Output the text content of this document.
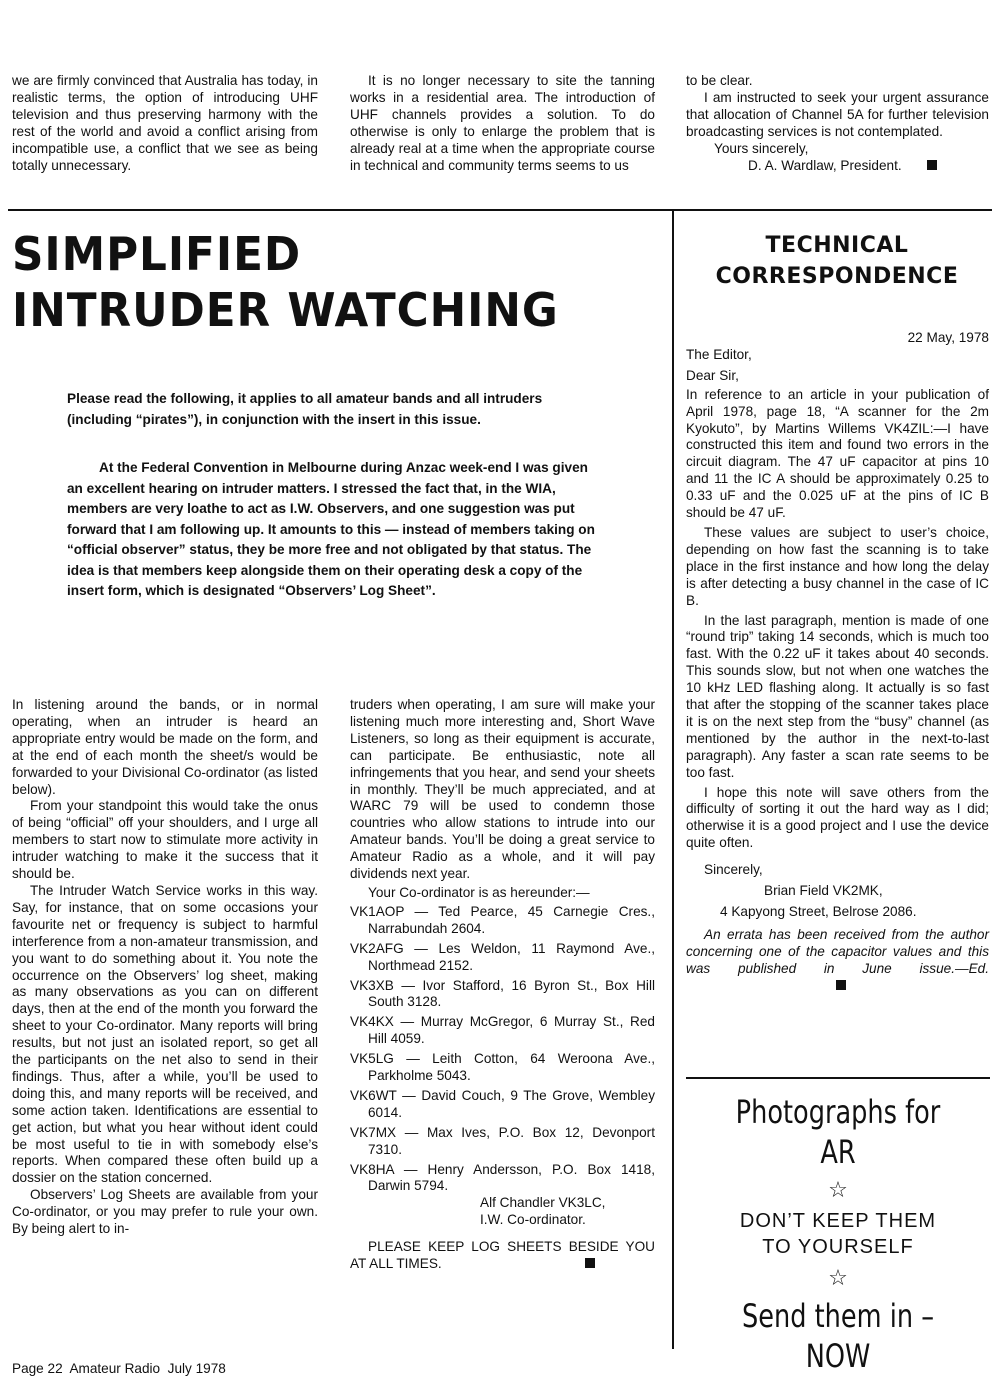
we are firmly convinced that Australia has today, in realistic terms, the option of introducing UHF television and thus preserving harmony with the rest of the world and avoid a conflict arising from incompatible use, a conflict that we see as being totally unnecessary.

It is no longer necessary to site the tanning works in a residential area. The introduction of UHF channels provides a solution. To do otherwise is only to enlarge the problem that is already real at a time when the appropriate course in technical and community terms seems to us

to be clear.

I am instructed to seek your urgent assurance that allocation of Channel 5A for further television broadcasting services is not contemplated.

Yours sincerely,

D. A. Wardlaw, President.

SIMPLIFIED
INTRUDER WATCHING

Please read the following, it applies to all amateur bands and all intruders (including “pirates”), in conjunction with the insert in this issue.

At the Federal Convention in Melbourne during Anzac week-end I was given an excellent hearing on intruder matters. I stressed the fact that, in the WIA, members are very loathe to act as I.W. Observers, and one suggestion was put forward that I am following up. It amounts to this — instead of members taking on “official observer” status, they be more free and not obligated by that status. The idea is that members keep alongside them on their operating desk a copy of the insert form, which is designated “Observers’ Log Sheet”.

In listening around the bands, or in normal operating, when an intruder is heard an appropriate entry would be made on the form, and at the end of each month the sheet/s would be forwarded to your Divisional Co-ordinator (as listed below).

From your standpoint this would take the onus of being “official” off your shoulders, and I urge all members to start now to stimulate more activity in intruder watching to make it the success that it should be.

The Intruder Watch Service works in this way. Say, for instance, that on some occasions your favourite net or frequency is subject to harmful interference from a non-amateur transmission, and you want to do something about it. You note the occurrence on the Observers’ log sheet, making as many observations as you can on different days, then at the end of the month you forward the sheet to your Co-ordinator. Many reports will bring results, but not just an isolated report, so get all the participants on the net also to send in their findings. Thus, after a while, you’ll be used to doing this, and many reports will be received, and some action taken. Identifications are essential to get action, but what you hear without ident could be most useful to tie in with somebody else’s reports. When compared these often build up a dossier on the station concerned.

Observers’ Log Sheets are available from your Co-ordinator, or you may prefer to rule your own. By being alert to in-

truders when operating, I am sure will make your listening much more interesting and, Short Wave Listeners, so long as their equipment is accurate, can participate. Be enthusiastic, note all infringements that you hear, and send your sheets in monthly. They’ll be much appreciated, and at WARC 79 will be used to condemn those countries who allow stations to intrude into our Amateur bands. You’ll be doing a great service to Amateur Radio as a whole, and it will pay dividends next year.

Your Co-ordinator is as hereunder:—

VK1AOP — Ted Pearce, 45 Carnegie Cres., Narrabundah 2604.

VK2AFG — Les Weldon, 11 Raymond Ave., Northmead 2152.

VK3XB — Ivor Stafford, 16 Byron St., Box Hill South 3128.

VK4KX — Murray McGregor, 6 Murray St., Red Hill 4059.

VK5LG — Leith Cotton, 64 Weroona Ave., Parkholme 5043.

VK6WT — David Couch, 9 The Grove, Wembley 6014.

VK7MX — Max Ives, P.O. Box 12, Devonport 7310.

VK8HA — Henry Andersson, P.O. Box 1418, Darwin 5794.

Alf Chandler VK3LC,

I.W. Co-ordinator.

PLEASE KEEP LOG SHEETS BESIDE YOU AT ALL TIMES.

TECHNICAL
CORRESPONDENCE

22 May, 1978

The Editor,

Dear Sir,

In reference to an article in your publication of April 1978, page 18, “A scanner for the 2m Kyokuto”, by Martins Willems VK4ZIL:—I have constructed this item and found two errors in the circuit diagram. The 47 uF capacitor at pins 10 and 11 the IC A should be approximately 0.25 to 0.33 uF and the 0.025 uF at the pins of IC B should be 47 uF.

These values are subject to user’s choice, depending on how fast the scanning is to take place in the first instance and how long the delay is after detecting a busy channel in the case of IC B.

In the last paragraph, mention is made of one “round trip” taking 14 seconds, which is much too fast. With the 0.22 uF it takes about 40 seconds. This sounds slow, but not when one watches the 10 kHz LED flashing along. It actually is so fast that after the stopping of the scanner takes place it is on the next step from the “busy” channel (as mentioned by the author in the next-to-last paragraph). Any faster a scan rate seems to be too fast.

I hope this note will save others from the difficulty of sorting it out the hard way as I did; otherwise it is a good project and I use the device quite often.

Sincerely,

Brian Field VK2MK,

4 Kapyong Street, Belrose 2086.

An errata has been received from the author concerning one of the capacitor values and this was published in June issue.—Ed.

Photographs for AR
☆
DON’T KEEP THEM
TO YOURSELF
☆
Send them in – NOW
Page 22  Amateur Radio  July 1978
